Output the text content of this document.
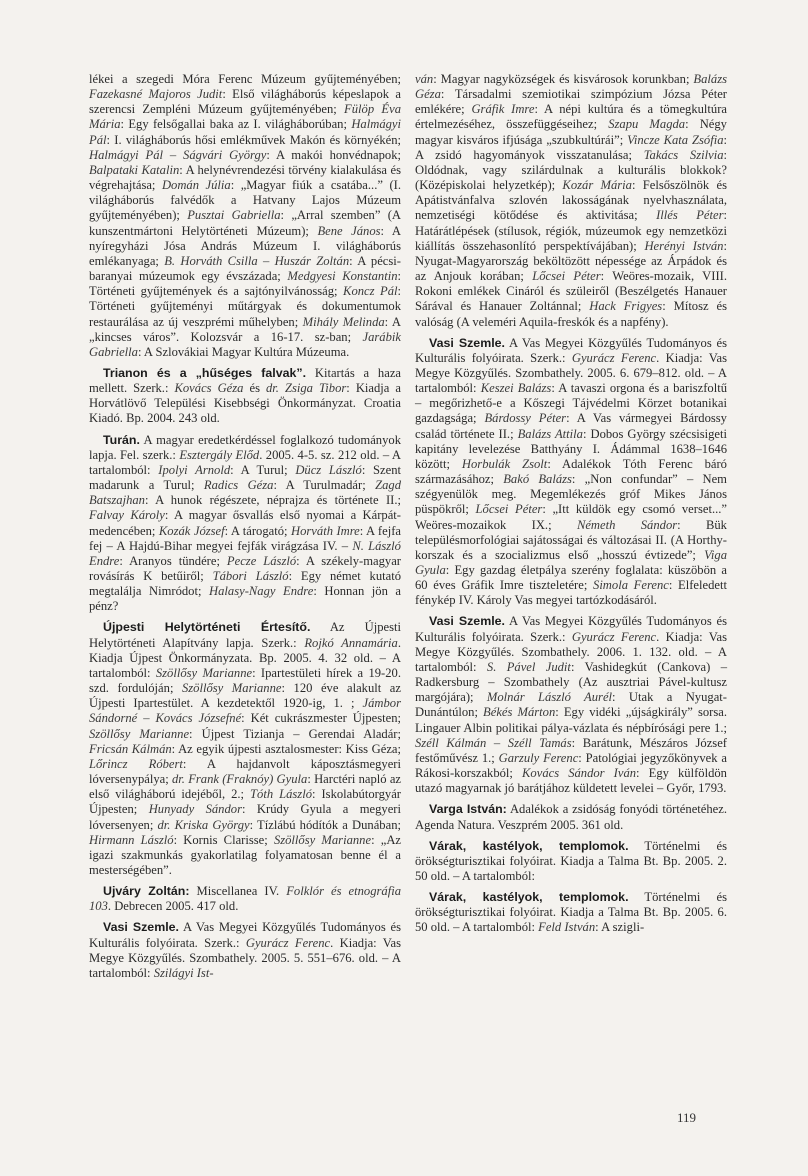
lékei a szegedi Móra Ferenc Múzeum gyűjteményében; Fazekasné Majoros Judit: Első világháborús képeslapok a szerencsi Zempléni Múzeum gyűjteményében; Fülöp Éva Mária: Egy felsőgallai baka az I. világháborúban; Halmágyi Pál: I. világháborús hősi emlékművek Makón és környékén; Halmágyi Pál – Ságvári György: A makói honvédnapok; Balpataki Katalin: A helynévrendezési törvény kialakulása és végrehajtása; Domán Júlia: „Magyar fiúk a csatába...” (I. világháborús falvédők a Hatvany Lajos Múzeum gyűjteményében); Pusztai Gabriella: „Arral szemben” (A kunszentmártoni Helytörténeti Múzeum); Bene János: A nyíregyházi Jósa András Múzeum I. világháborús emlékanyaga; B. Horváth Csilla – Huszár Zoltán: A pécsi-baranyai múzeumok egy évszázada; Medgyesi Konstantin: Történeti gyűjtemények és a sajtónyilvánosság; Koncz Pál: Történeti gyűjteményi műtárgyak és dokumentumok restaurálása az új veszprémi műhelyben; Mihály Melinda: A „kincses város”. Kolozsvár a 16-17. sz-ban; Jarábik Gabriella: A Szlovákiai Magyar Kultúra Múzeuma.

Trianon és a „hűséges falvak”. Kitartás a haza mellett. Szerk.: Kovács Géza és dr. Zsiga Tibor: Kiadja a Horvátlövő Települési Kisebbségi Önkormányzat. Croatia Kiadó. Bp. 2004. 243 old.

Turán. A magyar eredetkérdéssel foglalkozó tudományok lapja. Fel. szerk.: Esztergály Előd. 2005. 4-5. sz. 212 old. – A tartalomból: Ipolyi Arnold: A Turul; Dücz László: Szent madarunk a Turul; Radics Géza: A Turulmadár; Zagd Batszajhan: A hunok régészete, néprajza és története II.; Falvay Károly: A magyar ősvallás első nyomai a Kárpát-medencében; Kozák József: A tárogató; Horváth Imre: A fejfa fej – A Hajdú-Bihar megyei fejfák virágzása IV. – N. László Endre: Aranyos tündére; Pecze László: A székely-magyar rovásírás K betűiről; Tábori László: Egy német kutató megtalálja Nimródot; Halasy-Nagy Endre: Honnan jön a pénz?

Újpesti Helytörténeti Értesítő. Az Újpesti Helytörténeti Alapítvány lapja. Szerk.: Rojkó Annamária. Kiadja Újpest Önkormányzata. Bp. 2005. 4. 32 old. – A tartalomból: Szöllősy Marianne: Ipartestületi hírek a 19-20. szd. fordulóján; Szöllősy Marianne: 120 éve alakult az Újpesti Ipartestület. A kezdetektől 1920-ig, 1. ; Jámbor Sándorné – Kovács Józsefné: Két cukrászmester Újpesten; Szöllősy Marianne: Újpest Tizianja – Gerendai Aladár; Fricsán Kálmán: Az egyik újpesti asztalosmester: Kiss Géza; Lőrincz Róbert: A hajdanvolt káposztásmegyeri lóversenypálya; dr. Frank (Fraknóy) Gyula: Harctéri napló az első világháború idejéből, 2.; Tóth László: Iskolabútorgyár Újpesten; Hunyady Sándor: Krúdy Gyula a megyeri lóversenyen; dr. Kriska György: Tízlábú hódítók a Dunában; Hirmann László: Kornis Clarisse; Szöllősy Marianne: „Az igazi szakmunkás gyakorlatilag folyamatosan benne él a mesterségében”.

Ujváry Zoltán: Miscellanea IV. Folklór és etnográfia 103. Debrecen 2005. 417 old.

Vasi Szemle. A Vas Megyei Közgyűlés Tudományos és Kulturális folyóirata. Szerk.: Gyurácz Ferenc. Kiadja: Vas Megye Közgyűlés. Szombathely. 2005. 5. 551–676. old. – A tartalomból: Szilágyi Ist-

ván: Magyar nagyközségek és kisvárosok korunkban; Balázs Géza: Társadalmi szemiotikai szimpózium Józsa Péter emlékére; Gráfik Imre: A népi kultúra és a tömegkultúra értelmezéséhez, összefüggéseihez; Szapu Magda: Négy magyar kisváros ifjúsága „szubkultúrái”; Vincze Kata Zsófia: A zsidó hagyományok visszatanulása; Takács Szilvia: Oldódnak, vagy szilárdulnak a kulturális blokkok? (Középiskolai helyzetkép); Kozár Mária: Felsőszölnök és Apátistvánfalva szlovén lakosságának nyelvhasználata, nemzetiségi kötődése és aktivitása; Illés Péter: Határátlépések (stílusok, régiók, múzeumok egy nemzetközi kiállítás összehasonlító perspektívájában); Herényi István: Nyugat-Magyarország beköltözött népessége az Árpádok és az Anjouk korában; Lőcsei Péter: Weöres-mozaik, VIII. Rokoni emlékek Cináról és szüleiről (Beszélgetés Hanauer Sárával és Hanauer Zoltánnal; Hack Frigyes: Mítosz és valóság (A veleméri Aquila-freskók és a napfény).

Vasi Szemle. A Vas Megyei Közgyűlés Tudományos és Kulturális folyóirata. Szerk.: Gyurácz Ferenc. Kiadja: Vas Megye Közgyűlés. Szombathely. 2005. 6. 679–812. old. – A tartalomból: Keszei Balázs: A tavaszi orgona és a bariszfoltű – megőrizhető-e a Kőszegi Tájvédelmi Körzet botanikai gazdagsága; Bárdossy Péter: A Vas vármegyei Bárdossy család története II.; Balázs Attila: Dobos György szécsisigeti kapitány levelezése Batthyány I. Ádámmal 1638–1646 között; Horbulák Zsolt: Adalékok Tóth Ferenc báró származásához; Bakó Balázs: „Non confundar” – Nem szégyenülök meg. Megemlékezés gróf Mikes János püspökről; Lőcsei Péter: „Itt küldök egy csomó verset...” Weöres-mozaikok IX.; Németh Sándor: Bük településmorfológiai sajátosságai és változásai II. (A Horthy-korszak és a szocializmus első „hosszú évtizede”; Viga Gyula: Egy gazdag életpálya szerény foglalata: küszöbön a 60 éves Gráfik Imre tiszteletére; Simola Ferenc: Elfeledett fénykép IV. Károly Vas megyei tartózkodásáról.

Vasi Szemle. A Vas Megyei Közgyűlés Tudományos és Kulturális folyóirata. Szerk.: Gyurácz Ferenc. Kiadja: Vas Megye Közgyűlés. Szombathely. 2006. 1. 132. old. – A tartalomból: S. Pável Judit: Vashidegkút (Cankova) – Radkersburg – Szombathely (Az ausztriai Pável-kultusz margójára); Molnár László Aurél: Utak a Nyugat-Dunántúlon; Békés Márton: Egy vidéki „újságkirály” sorsa. Lingauer Albin politikai pálya-vázlata és népbírósági pere 1.; Széll Kálmán – Széll Tamás: Barátunk, Mészáros József festőművész 1.; Garzuly Ferenc: Patológiai jegyzőkönyvek a Rákosi-korszakból; Kovács Sándor Iván: Egy külföldön utazó magyarnak jó barátjához küldetett levelei – Győr, 1793.

Varga István: Adalékok a zsidóság fonyódi történetéhez. Agenda Natura. Veszprém 2005. 361 old.

Várak, kastélyok, templomok. Történelmi és örökségturisztikai folyóirat. Kiadja a Talma Bt. Bp. 2005. 2. 50 old. – A tartalomból:

Várak, kastélyok, templomok. Történelmi és örökségturisztikai folyóirat. Kiadja a Talma Bt. Bp. 2005. 6. 50 old. – A tartalomból: Feld István: A szigli-

119
